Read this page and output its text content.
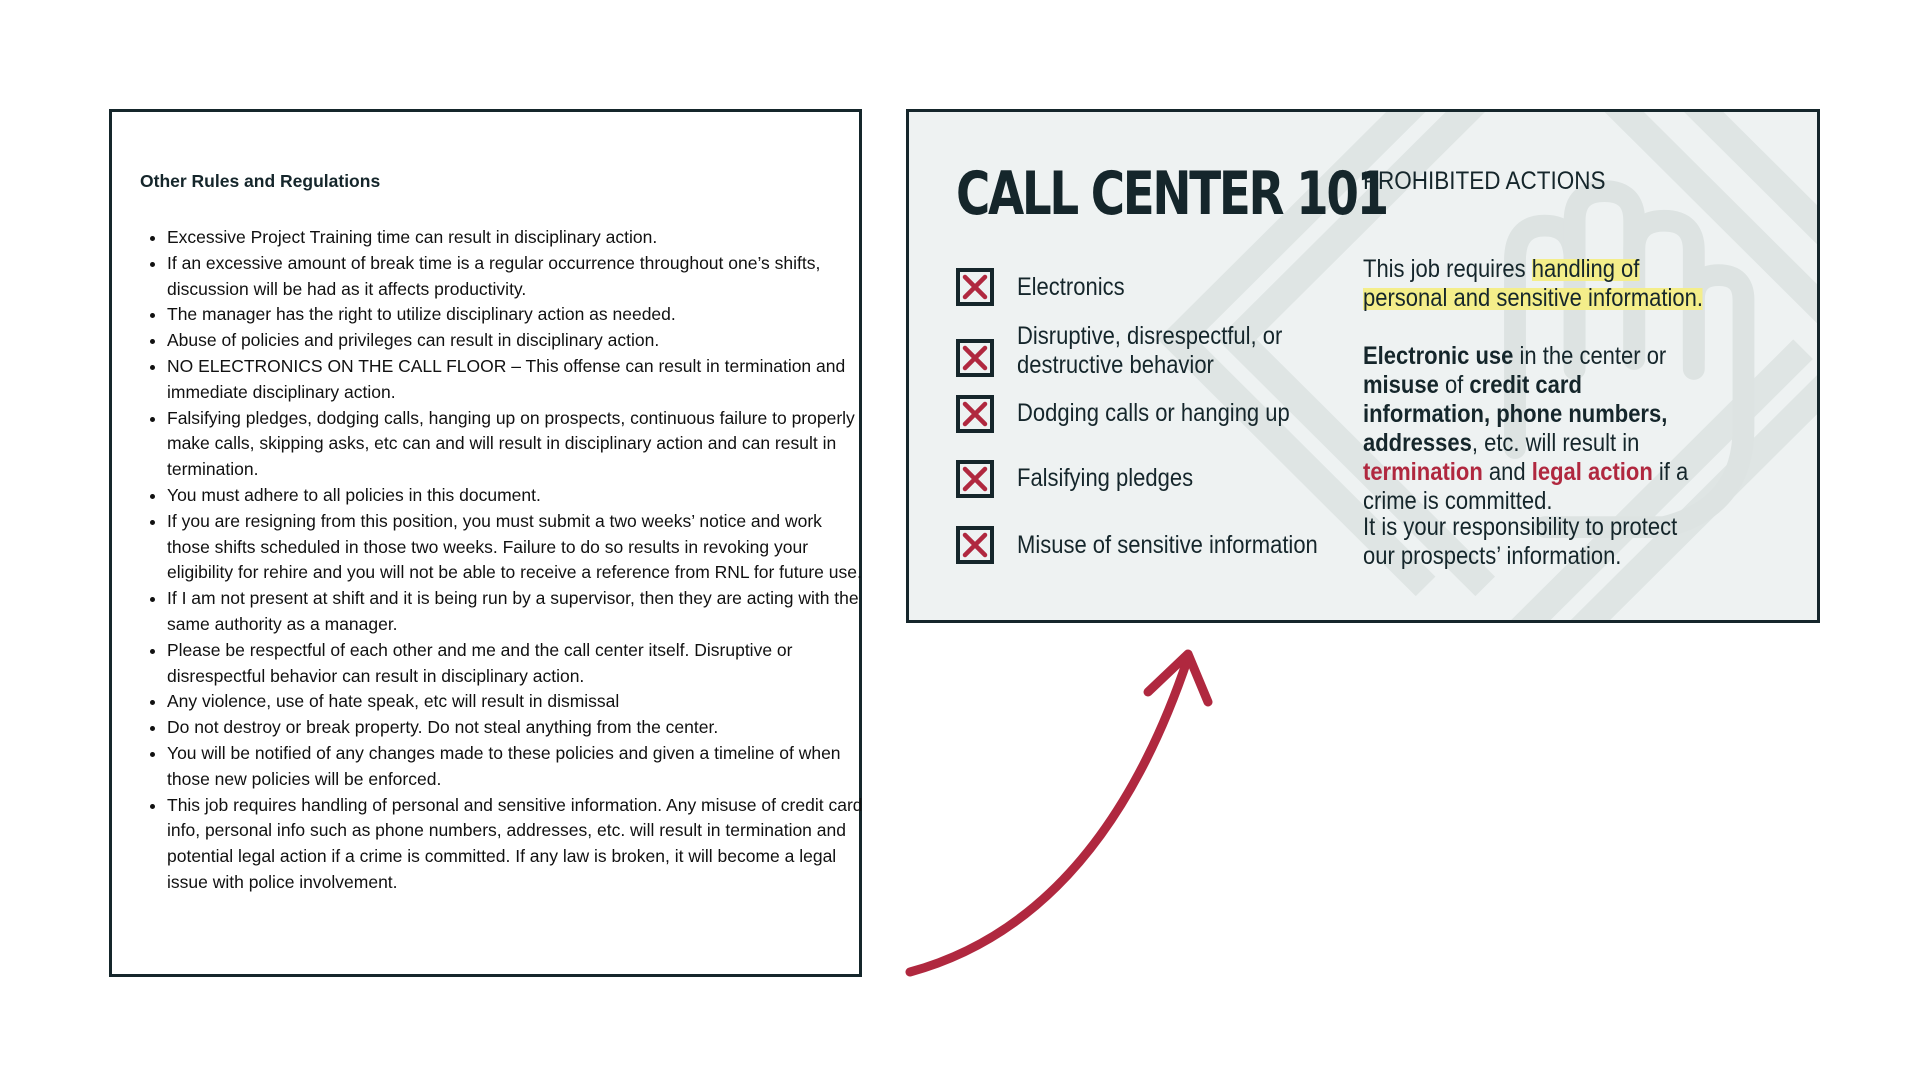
Other Rules and Regulations
• Excessive Project Training time can result in disciplinary action.
• If an excessive amount of break time is a regular occurrence throughout one’s shifts, discussion will be had as it affects productivity.
• The manager has the right to utilize disciplinary action as needed.
• Abuse of policies and privileges can result in disciplinary action.
• NO ELECTRONICS ON THE CALL FLOOR – This offense can result in termination and immediate disciplinary action.
• Falsifying pledges, dodging calls, hanging up on prospects, continuous failure to properly make calls, skipping asks, etc can and will result in disciplinary action and can result in termination.
• You must adhere to all policies in this document.
• If you are resigning from this position, you must submit a two weeks’ notice and work those shifts scheduled in those two weeks. Failure to do so results in revoking your eligibility for rehire and you will not be able to receive a reference from RNL for future use.
• If I am not present at shift and it is being run by a supervisor, then they are acting with the same authority as a manager.
• Please be respectful of each other and me and the call center itself. Disruptive or disrespectful behavior can result in disciplinary action.
• Any violence, use of hate speak, etc will result in dismissal
• Do not destroy or break property. Do not steal anything from the center.
• You will be notified of any changes made to these policies and given a timeline of when those new policies will be enforced.
• This job requires handling of personal and sensitive information. Any misuse of credit card info, personal info such as phone numbers, addresses, etc. will result in termination and potential legal action if a crime is committed. If any law is broken, it will become a legal issue with police involvement.
CALL CENTER 101
PROHIBITED ACTIONS
Electronics
Disruptive, disrespectful, or
destructive behavior
Dodging calls or hanging up
Falsifying pledges
Misuse of sensitive information
This job requires handling of personal and sensitive information.
Electronic use in the center or misuse of credit card information, phone numbers, addresses, etc. will result in termination and legal action if a crime is committed.
It is your responsibility to protect our prospects’ information.
